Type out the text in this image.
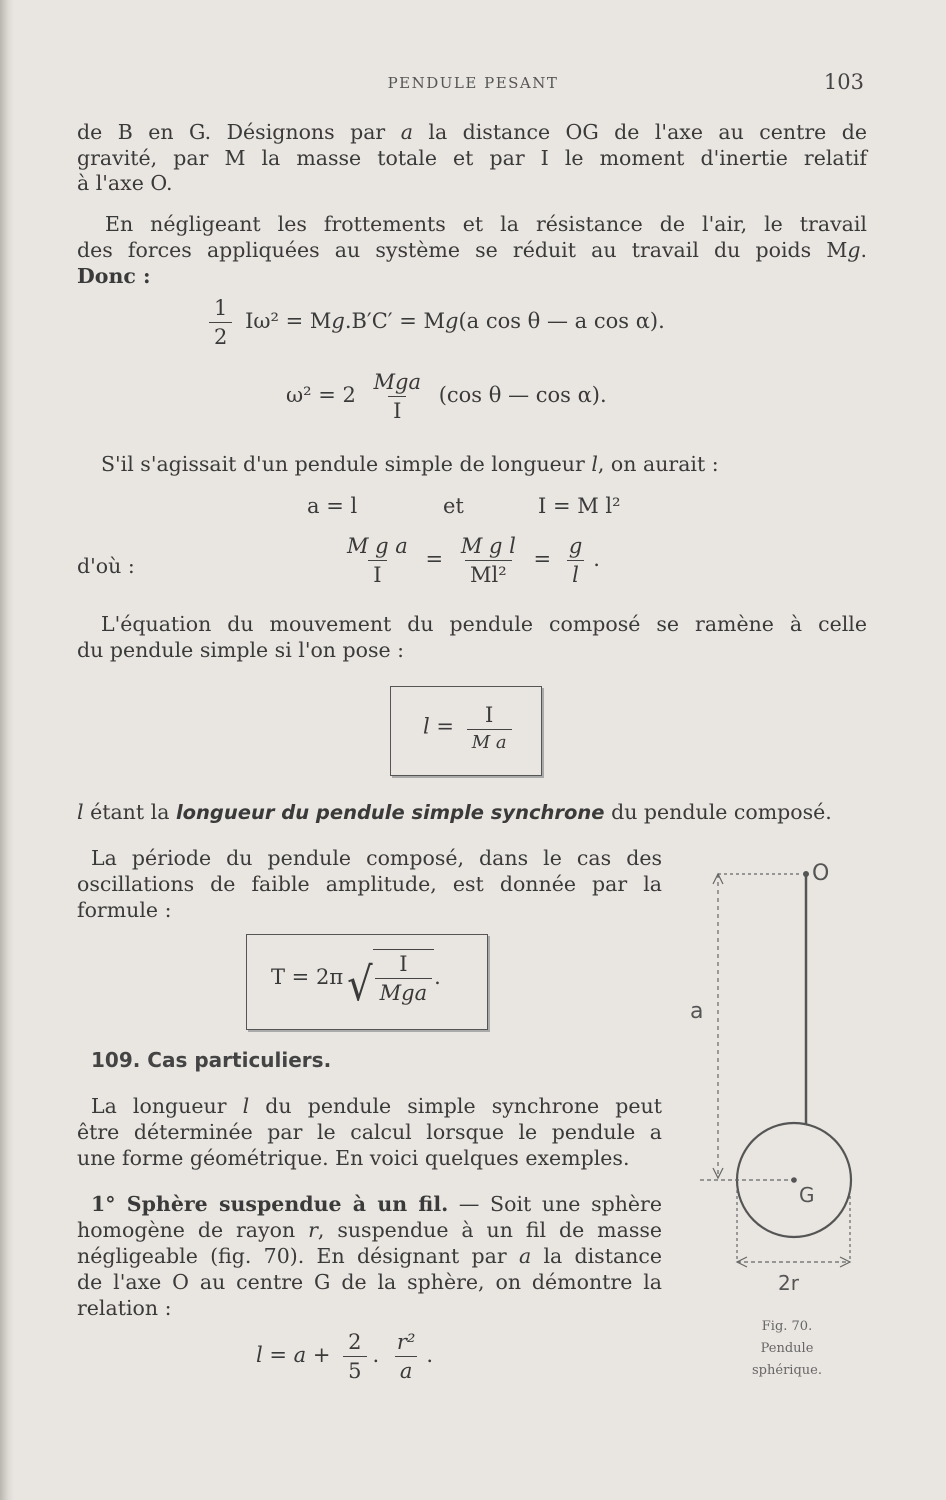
PENDULE PESANT	103

de B en G. Désignons par a la distance OG de l'axe au centre de

gravité, par M la masse totale et par I le moment d'inertie relatif

à l'axe O.

En négligeant les frottements et la résistance de l'air, le travail

des forces appliquées au système se réduit au travail du poids Mg.

Donc :
$\frac{1}{2} I\omega^2 = Mg.B'C' = Mg(a$ cos θ — a cos α).
$\omega^2 = 2 \frac{\text{Mga}}{I} (\cos$ θ — cos α).

S'il s'agissait d'un pendule simple de longueur l, on aurait :

a = l	et	I = M l²
d'où :	$\frac{\text{M g a}}{I} = \frac{\text{M g l}}{\text{Ml²}} = \frac{g}{l}$ .

L'équation du mouvement du pendule composé se ramène à celle

du pendule simple si l'on pose :

$l = \frac{I}{\text{M a}}$

l étant la longueur du pendule simple synchrone du pendule composé.

La période du pendule composé, dans le cas des

oscillations de faible amplitude, est donnée par la

formule :

T = 2π √ $\frac{I}{\text{Mga}}$ .
109. Cas particuliers.

La longueur l du pendule simple synchrone peut

être déterminée par le calcul lorsque le pendule a

une forme géométrique. En voici quelques exemples.

1° Sphère suspendue à un fil. — Soit une sphère

homogène de rayon r, suspendue à un fil de masse

négligeable (fig. 70). En désignant par a la distance

de l'axe O au centre G de la sphère, on démontre la

relation :

$l = a + \frac{2}{5}$ . $\frac{\text{r²}}{a}$ .
O
G
a
2r
Fig. 70.
Pendule
sphérique.
